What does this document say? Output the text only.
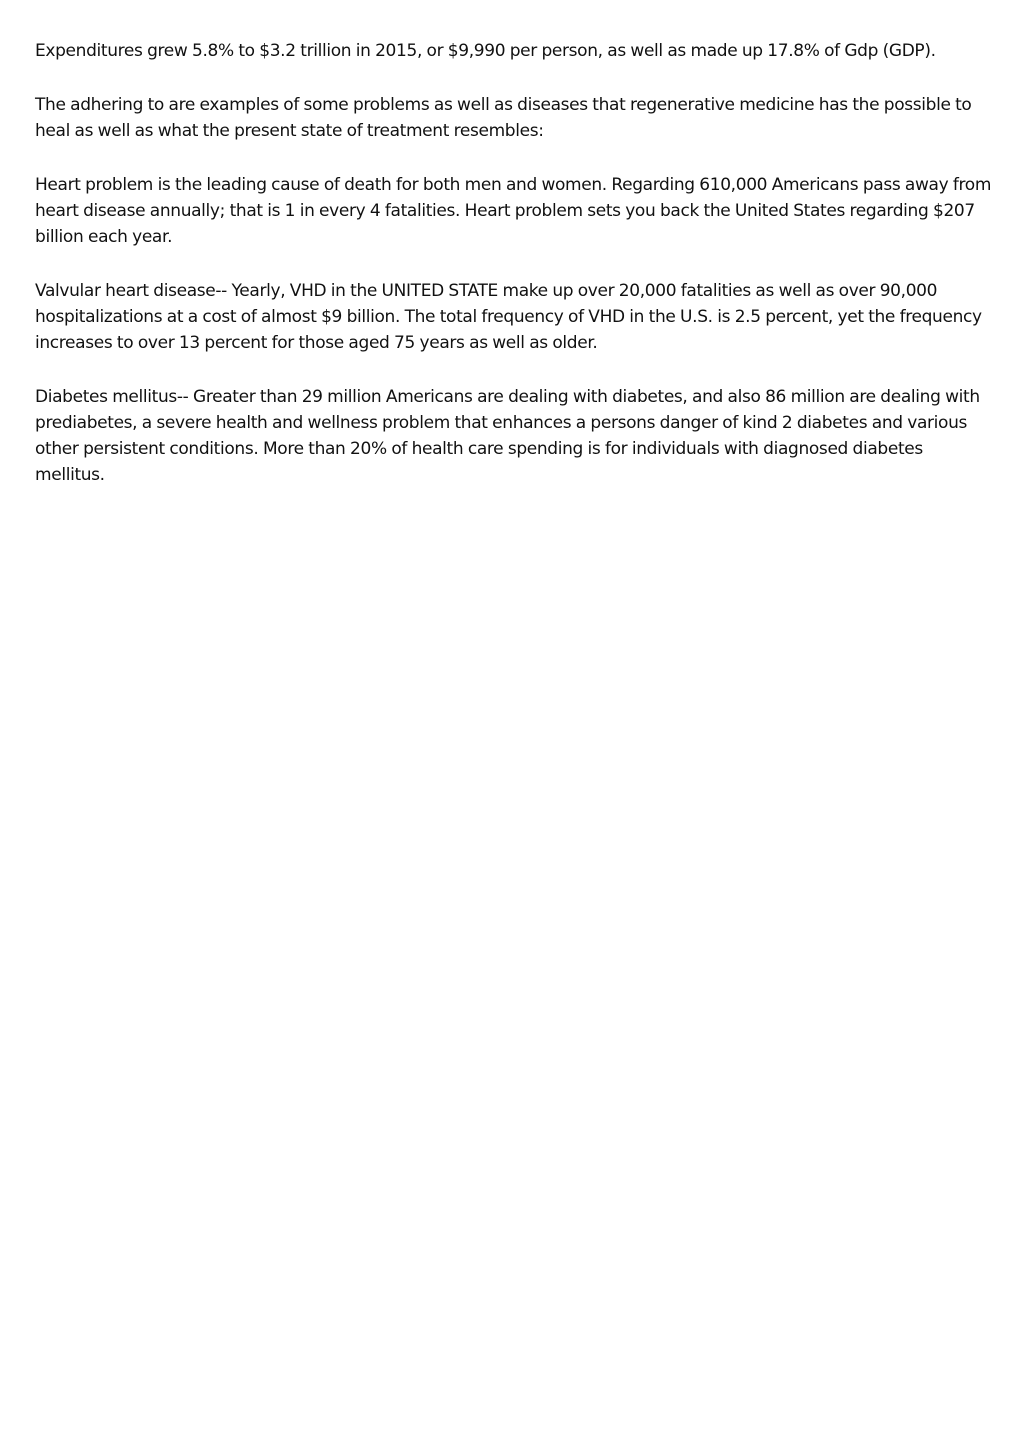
Expenditures grew 5.8% to $3.2 trillion in 2015, or $9,990 per person, as well as made up 17.8% of Gdp (GDP).

The adhering to are examples of some problems as well as diseases that regenerative medicine has the possible to heal as well as what the present state of treatment resembles:

Heart problem is the leading cause of death for both men and women. Regarding 610,000 Americans pass away from heart disease annually; that is 1 in every 4 fatalities. Heart problem sets you back the United States regarding $207 billion each year.

Valvular heart disease-- Yearly, VHD in the UNITED STATE make up over 20,000 fatalities as well as over 90,000 hospitalizations at a cost of almost $9 billion. The total frequency of VHD in the U.S. is 2.5 percent, yet the frequency increases to over 13 percent for those aged 75 years as well as older.

Diabetes mellitus-- Greater than 29 million Americans are dealing with diabetes, and also 86 million are dealing with prediabetes, a severe health and wellness problem that enhances a persons danger of kind 2 diabetes and various other persistent conditions. More than 20% of health care spending is for individuals with diagnosed diabetes mellitus.
